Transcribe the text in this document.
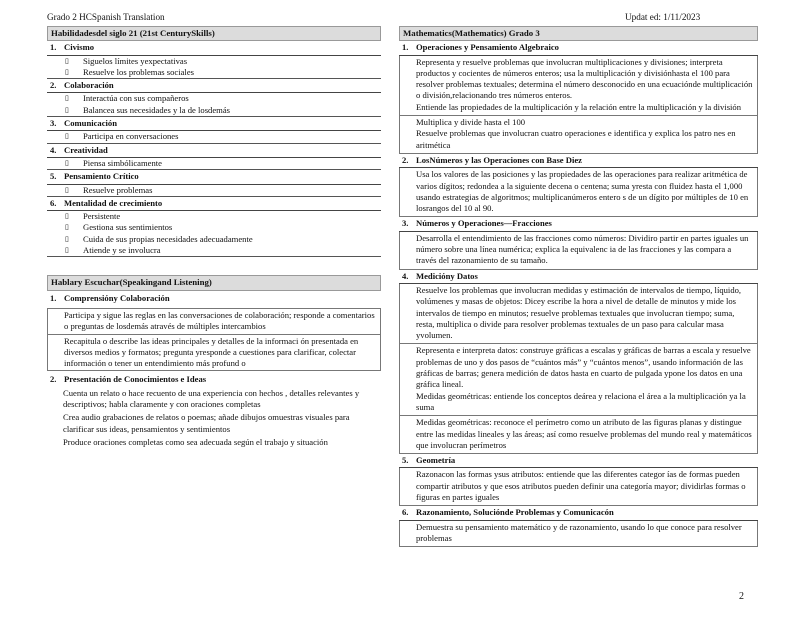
Grado 2 HCSpanish Translation	Updat ed: 1/11/2023
Habilidadesdel siglo 21 (21st CenturySkills)
1. Civismo
▯ Siguelos límites yexpectativas
▯ Resuelve los problemas sociales
2. Colaboración
▯ Interactúa con sus compañeros
▯ Balancea sus necesidades y la de losdemás
3. Comunicación
▯ Participa en conversaciones
4. Creatividad
▯ Piensa simbólicamente
5. Pensamiento Crítico
▯ Resuelve problemas
6. Mentalidad de crecimiento
▯ Persistente
▯ Gestiona sus sentimientos
▯ Cuida de sus propias necesidades adecuadamente
▯ Atiende y se involucra
Hablary Escuchar(Speakingand Listening)
1. Comprensióny Colaboración
Participa y sigue las reglas en las conversaciones de colaboración; responde a comentarios o preguntas de losdemás através de múltiples intercambios
Recapitula o describe las ideas principales y detalles de la informaci ón presentada en diversos medios y formatos; pregunta yresponde a cuestiones para clarificar, colectar información o tener un entendimiento más profund o
2. Presentación de Conocimientos e Ideas
Cuenta un relato o hace recuento de una experiencia con hechos , detalles relevantes y descriptivos; habla claramente y con oraciones completas
Crea audio grabaciones de relatos o poemas; añade dibujos omuestras visuales para clarificar sus ideas, pensamientos y sentimientos
Produce oraciones completas como sea adecuada según el trabajo y situación
Mathematics(Mathematics) Grado 3
1. Operaciones y Pensamiento Algebraico
Representa y resuelve problemas que involucran multiplicaciones y divisiones; interpreta productos y cocientes de números enteros; usa la multiplicación y divisiónhasta el 100 para resolver problemas textuales; determina el número desconocido en una ecuaciónde multiplicación o división,relacionando tres números enteros.
Entiende las propiedades de la multiplicación y la relación entre la multiplicación y la división
Multiplica y divide hasta el 100
Resuelve problemas que involucran cuatro operaciones e identifica y explica los patro nes en aritmética
2. LosNúmeros y las Operaciones con Base Diez
Usa los valores de las posiciones y las propiedades de las operaciones para realizar aritmética de varios dígitos; redondea a la siguiente decena o centena; suma yresta con fluidez hasta el 1,000 usando estrategias de algoritmos; multiplicanúmeros entero s de un dígito por múltiples de 10 en losrangos del 10 al 90.
3. Números y Operaciones—Fracciones
Desarrolla el entendimiento de las fracciones como números: Dividiro partir en partes iguales un número sobre una línea numérica; explica la equivalenc ia de las fracciones y las compara a través del razonamiento de su tamaño.
4. Medicióny Datos
Resuelve los problemas que involucran medidas y estimación de intervalos de tiempo, líquido, volúmenes y masas de objetos: Dicey escribe la hora a nivel de detalle de minutos y mide los intervalos de tiempo en minutos; resuelve problemas textuales que involucran tiempo; suma, resta, multiplica o divide para resolver problemas textuales de un paso para calcular masa yvolumen.
Representa e interpreta datos: construye gráficas a escalas y gráficas de barras a escala y resuelve problemas de uno y dos pasos de “cuántos más” y “cuántos menos”, usando información de las gráficas de barras; genera medición de datos hasta en cuarto de pulgada ypone los datos en una gráfica lineal.
Medidas geométricas: entiende los conceptos deárea y relaciona el área a la multiplicación ya la suma
Medidas geométricas: reconoce el perímetro como un atributo de las figuras planas y distingue entre las medidas lineales y las áreas; así como resuelve problemas del mundo real y matemáticos que involucran perímetros
5. Geometría
Razonacon las formas ysus atributos: entiende que las diferentes categor ías de formas pueden compartir atributos y que esos atributos pueden definir una categoría mayor; dividirlas formas o figuras en partes iguales
6. Razonamiento, Solucióndе Problemas y Comunicacón
Demuestra su pensamiento matemático y de razonamiento, usando lo que conoce para resolver problemas
2
